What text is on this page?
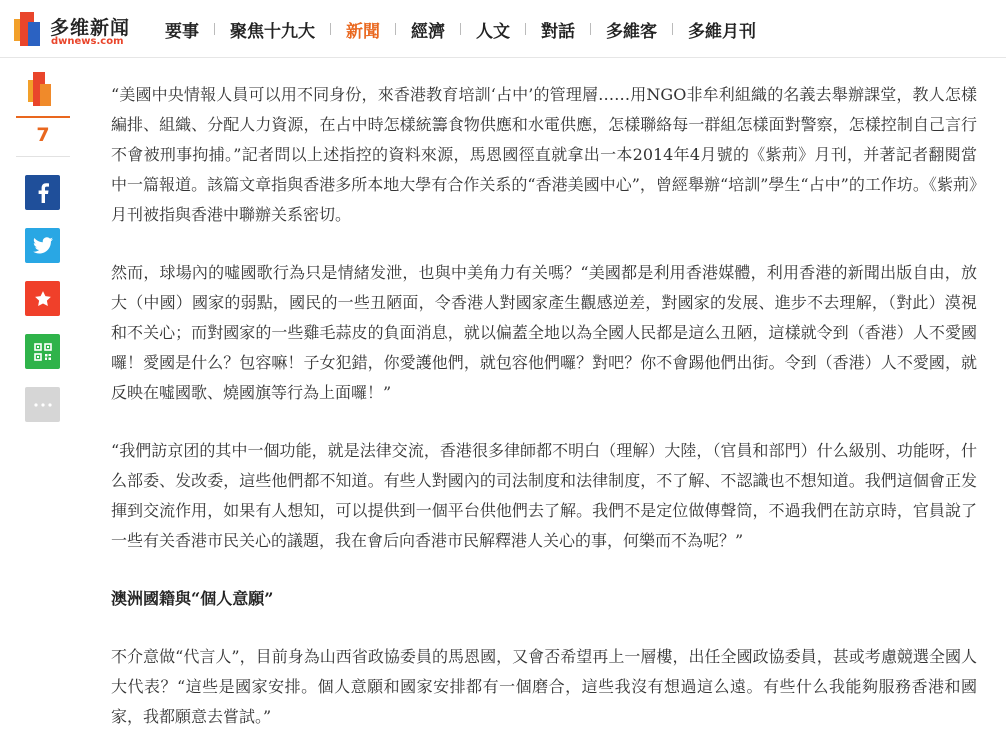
多维新闻
dwnews.com	要事	聚焦十九大	新聞	經濟	人文	對話	多維客	多維月刊
7

“美國中央情報人員可以用不同身份，來香港教育培訓‘占中’的管理層……用NGO非牟利組織的名義去舉辦課堂，教人怎樣編排、組織、分配人力資源，在占中時怎樣統籌食物供應和水電供應，怎樣聯絡每一群組怎樣面對警察，怎樣控制自己言行不會被刑事拘捕。”記者問以上述指控的資料來源，馬恩國徑直就拿出一本2014年4月號的《紫荊》月刊，并著記者翻閱當中一篇報道。該篇文章指與香港多所本地大學有合作关系的“香港美國中心”，曾經舉辦“培訓”學生“占中”的工作坊。《紫荊》月刊被指與香港中聯辦关系密切。

然而，球場內的噓國歌行為只是情緒发泄，也與中美角力有关嗎？“美國都是利用香港媒體，利用香港的新聞出版自由，放大（中國）國家的弱點，國民的一些丑陋面，令香港人對國家產生觀感逆差，對國家的发展、進步不去理解，（對此）漠視和不关心；而對國家的一些雞毛蒜皮的負面消息，就以偏蓋全地以為全國人民都是這么丑陋，這樣就令到（香港）人不愛國囉！愛國是什么？包容嘛！子女犯錯，你愛護他們，就包容他們囉？對吧？你不會踢他們出街。令到（香港）人不愛國，就反映在噓國歌、燒國旗等行為上面囉！”

“我們訪京团的其中一個功能，就是法律交流，香港很多律師都不明白（理解）大陸，（官員和部門）什么級別、功能呀，什么部委、发改委，這些他們都不知道。有些人對國內的司法制度和法律制度，不了解、不認識也不想知道。我們這個會正发揮到交流作用，如果有人想知，可以提供到一個平台供他們去了解。我們不是定位做傳聲筒，不過我們在訪京時，官員說了一些有关香港市民关心的議題，我在會后向香港市民解釋港人关心的事，何樂而不為呢？”

澳洲國籍與“個人意願”

不介意做“代言人”，目前身為山西省政協委員的馬恩國，又會否希望再上一層樓，出任全國政協委員，甚或考慮競選全國人大代表？“這些是國家安排。個人意願和國家安排都有一個磨合，這些我沒有想過這么遠。有些什么我能夠服務香港和國家，我都願意去嘗試。”
